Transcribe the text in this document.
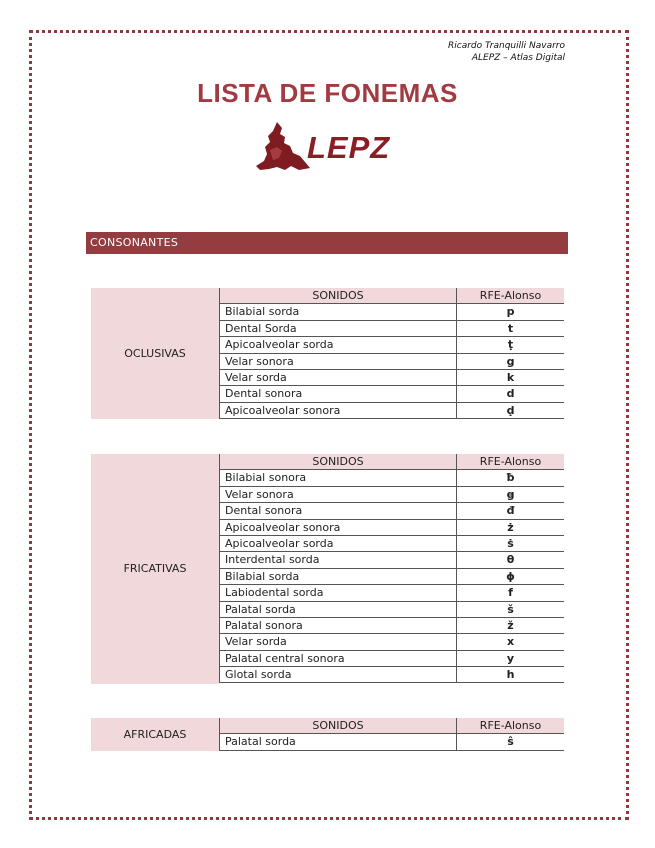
Ricardo Tranquilli Navarro
ALEPZ – Atlas Digital
LISTA DE FONEMAS
LEPZ
CONSONANTES
OCLUSIVAS
SONIDOS	RFE-Alonso
Bilabial sorda	p
Dental Sorda	t
Apicoalveolar sorda	ṭ
Velar sonora	g
Velar sorda	k
Dental sonora	d
Apicoalveolar sonora	ḍ
FRICATIVAS
SONIDOS	RFE-Alonso
Bilabial sonora	ƀ
Velar sonora	g̵
Dental sonora	đ
Apicoalveolar sonora	ż
Apicoalveolar sorda	ṡ
Interdental sorda	θ
Bilabial sorda	ɸ
Labiodental sorda	f
Palatal sorda	š
Palatal sonora	ž
Velar sorda	x
Palatal central sonora	y
Glotal sorda	h
AFRICADAS
SONIDOS	RFE-Alonso
Palatal sorda	ŝ
